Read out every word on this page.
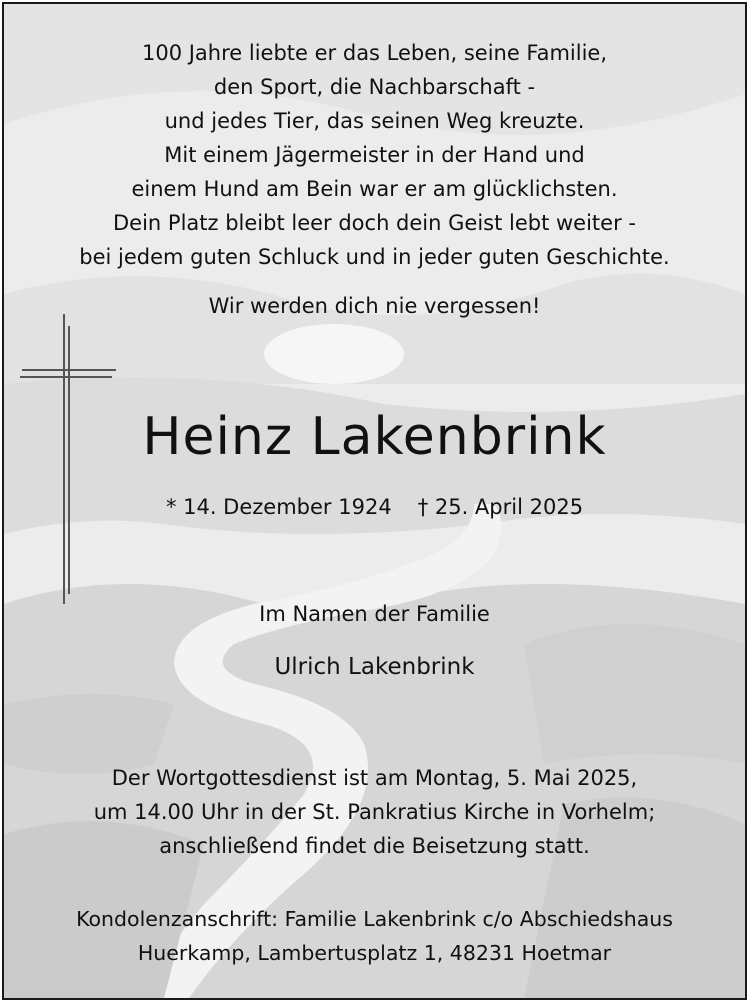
100 Jahre liebte er das Leben, seine Familie,
den Sport, die Nachbarschaft -
und jedes Tier, das seinen Weg kreuzte.
Mit einem Jägermeister in der Hand und
einem Hund am Bein war er am glücklichsten.
Dein Platz bleibt leer doch dein Geist lebt weiter -
bei jedem guten Schluck und in jeder guten Geschichte.
Wir werden dich nie vergessen!
Heinz Lakenbrink
* 14. Dezember 1924 † 25. April 2025
Im Namen der Familie
Ulrich Lakenbrink
Der Wortgottesdienst ist am Montag, 5. Mai 2025,
um 14.00 Uhr in der St. Pankratius Kirche in Vorhelm;
anschließend findet die Beisetzung statt.
Kondolenzanschrift: Familie Lakenbrink c/o Abschiedshaus
Huerkamp, Lambertusplatz 1, 48231 Hoetmar
